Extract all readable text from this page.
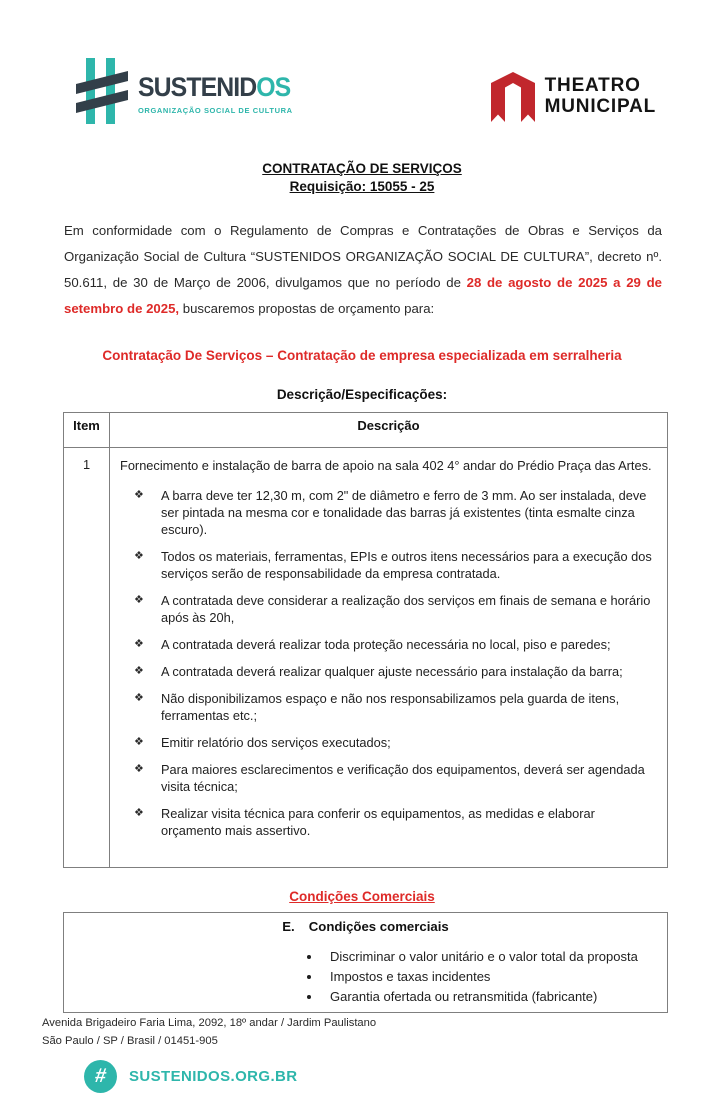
SUSTENIDOS
ORGANIZAÇÃO SOCIAL DE CULTURA
THEATRO
MUNICIPAL
CONTRATAÇÃO DE SERVIÇOS
Requisição: 15055 - 25

Em conformidade com o Regulamento de Compras e Contratações de Obras e Serviços da Organização Social de Cultura “SUSTENIDOS ORGANIZAÇÃO SOCIAL DE CULTURA”, decreto nº. 50.611, de 30 de Março de 2006, divulgamos que no período de 28 de agosto de 2025 a 29 de setembro de 2025, buscaremos propostas de orçamento para:

Contratação De Serviços – Contratação de empresa especializada em serralheria
Descrição/Especificações:
Item	Descrição
1	Fornecimento e instalação de barra de apoio na sala 402 4° andar do Prédio Praça das Artes.
❖	A barra deve ter 12,30 m, com 2" de diâmetro e ferro de 3 mm. Ao ser instalada, deve ser pintada na mesma cor e tonalidade das barras já existentes (tinta esmalte cinza escuro).
❖	Todos os materiais, ferramentas, EPIs e outros itens necessários para a execução dos serviços serão de responsabilidade da empresa contratada.
❖	A contratada deve considerar a realização dos serviços em finais de semana e horário após às 20h,
❖	A contratada deverá realizar toda proteção necessária no local, piso e paredes;
❖	A contratada deverá realizar qualquer ajuste necessário para instalação da barra;
❖	Não disponibilizamos espaço e não nos responsabilizamos pela guarda de itens, ferramentas etc.;
❖	Emitir relatório dos serviços executados;
❖	Para maiores esclarecimentos e verificação dos equipamentos, deverá ser agendada visita técnica;
❖	Realizar visita técnica para conferir os equipamentos, as medidas e elaborar orçamento mais assertivo.
Condições Comerciais
E. Condições comerciais
• Discriminar o valor unitário e o valor total da proposta
• Impostos e taxas incidentes
• Garantia ofertada ou retransmitida (fabricante)
Avenida Brigadeiro Faria Lima, 2092, 18º andar / Jardim Paulistano
São Paulo / SP / Brasil / 01451-905
# SUSTENIDOS.ORG.BR
